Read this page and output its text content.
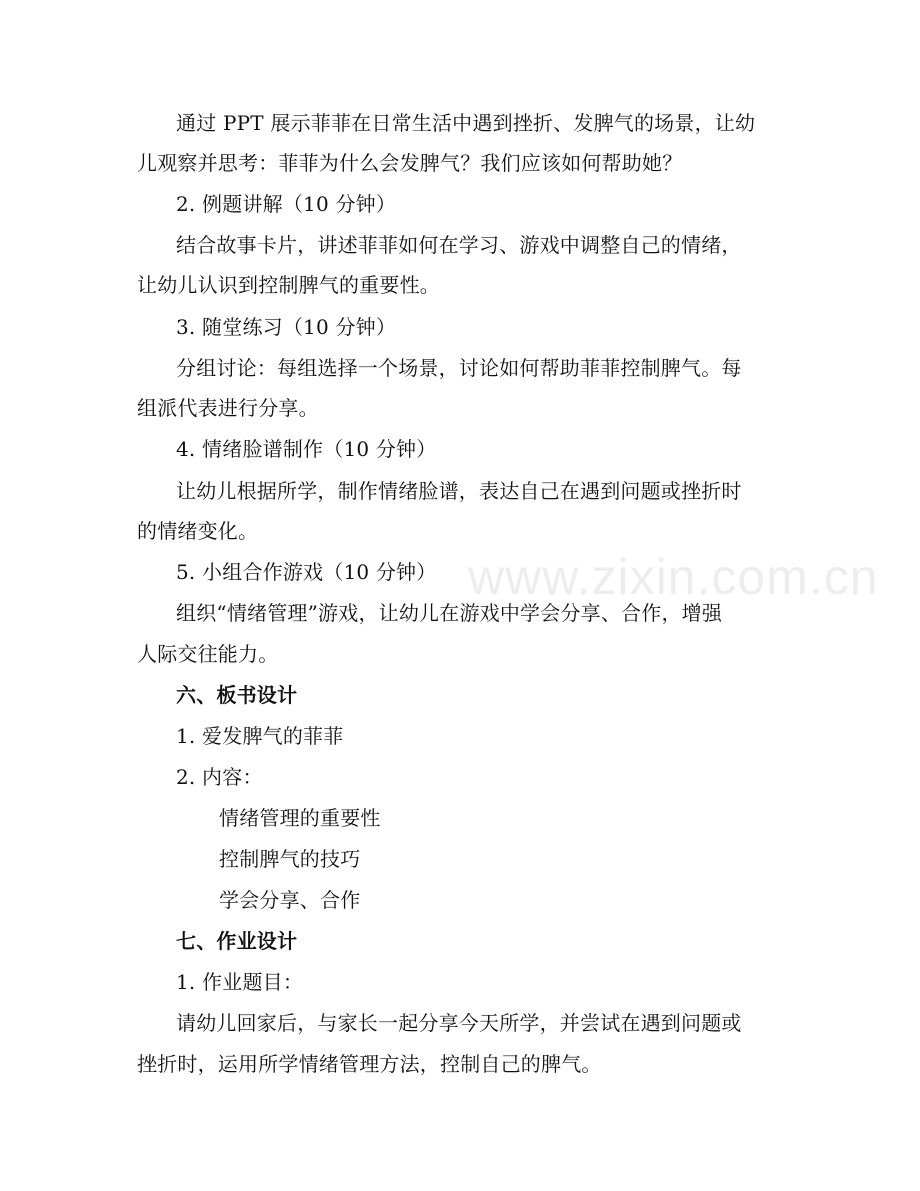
通过 PPT 展示菲菲在日常生活中遇到挫折、发脾气的场景，让幼
儿观察并思考：菲菲为什么会发脾气？我们应该如何帮助她？
2. 例题讲解（10 分钟）
结合故事卡片，讲述菲菲如何在学习、游戏中调整自己的情绪，
让幼儿认识到控制脾气的重要性。
3. 随堂练习（10 分钟）
分组讨论：每组选择一个场景，讨论如何帮助菲菲控制脾气。每
组派代表进行分享。
4. 情绪脸谱制作（10 分钟）
让幼儿根据所学，制作情绪脸谱，表达自己在遇到问题或挫折时
的情绪变化。
5. 小组合作游戏（10 分钟）
组织“情绪管理”游戏，让幼儿在游戏中学会分享、合作，增强
人际交往能力。
六、板书设计
1. 爱发脾气的菲菲
2. 内容：
情绪管理的重要性
控制脾气的技巧
学会分享、合作
七、作业设计
1. 作业题目：
请幼儿回家后，与家长一起分享今天所学，并尝试在遇到问题或
挫折时，运用所学情绪管理方法，控制自己的脾气。
www.zixin.com.cn
